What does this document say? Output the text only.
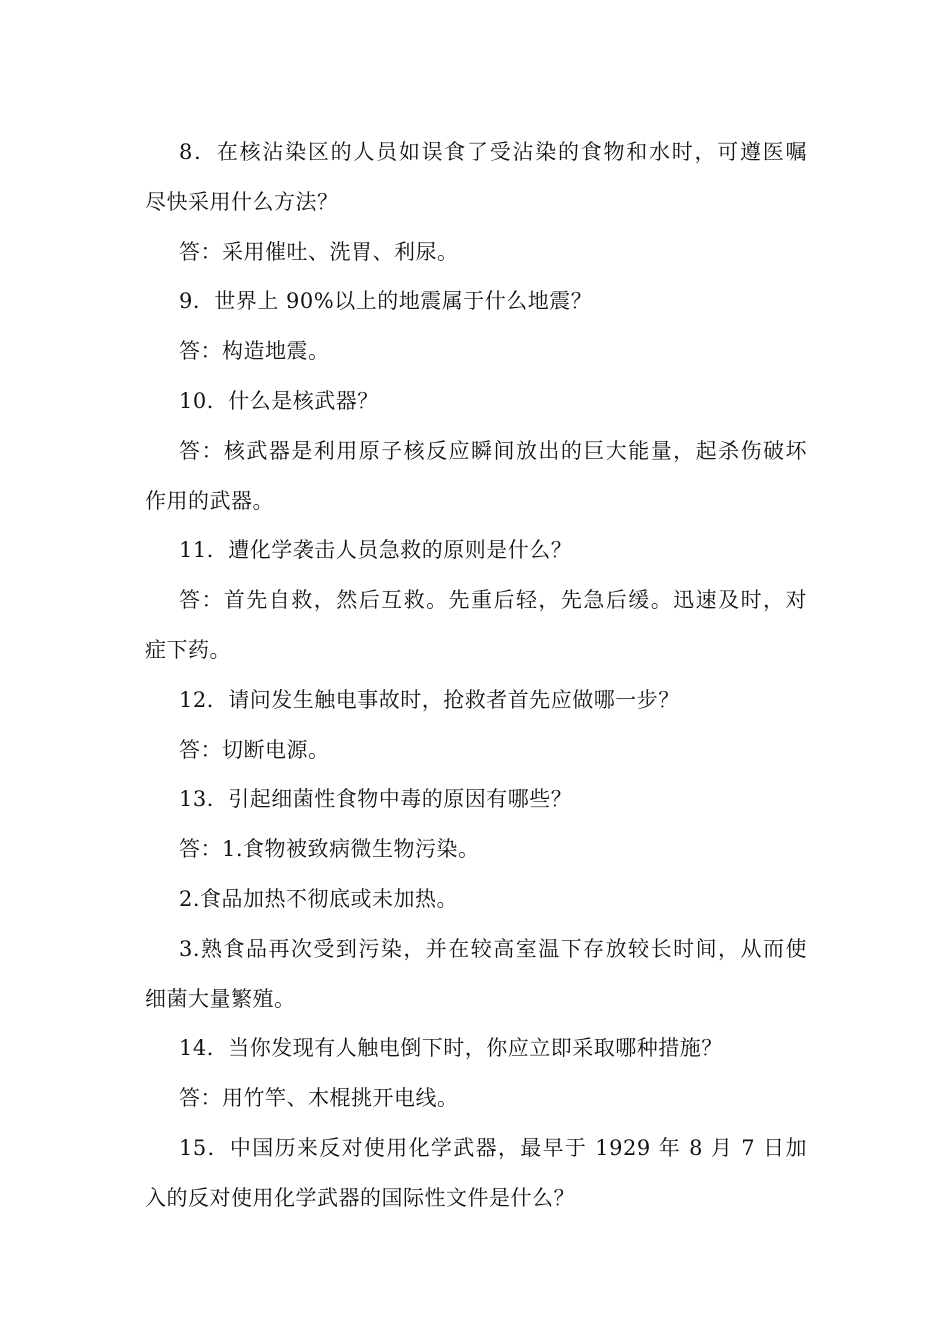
8．在核沾染区的人员如误食了受沾染的食物和水时，可遵医嘱
尽快采用什么方法？
答：采用催吐、洗胃、利尿。
9．世界上 90%以上的地震属于什么地震？
答：构造地震。
10．什么是核武器？
答：核武器是利用原子核反应瞬间放出的巨大能量，起杀伤破坏
作用的武器。
11．遭化学袭击人员急救的原则是什么？
答：首先自救，然后互救。先重后轻，先急后缓。迅速及时，对
症下药。
12．请问发生触电事故时，抢救者首先应做哪一步？
答：切断电源。
13．引起细菌性食物中毒的原因有哪些？
答：1.食物被致病微生物污染。
2.食品加热不彻底或未加热。
3.熟食品再次受到污染，并在较高室温下存放较长时间，从而使
细菌大量繁殖。
14．当你发现有人触电倒下时，你应立即采取哪种措施？
答：用竹竿、木棍挑开电线。
15．中国历来反对使用化学武器，最早于 1929 年 8 月 7 日加
入的反对使用化学武器的国际性文件是什么？
